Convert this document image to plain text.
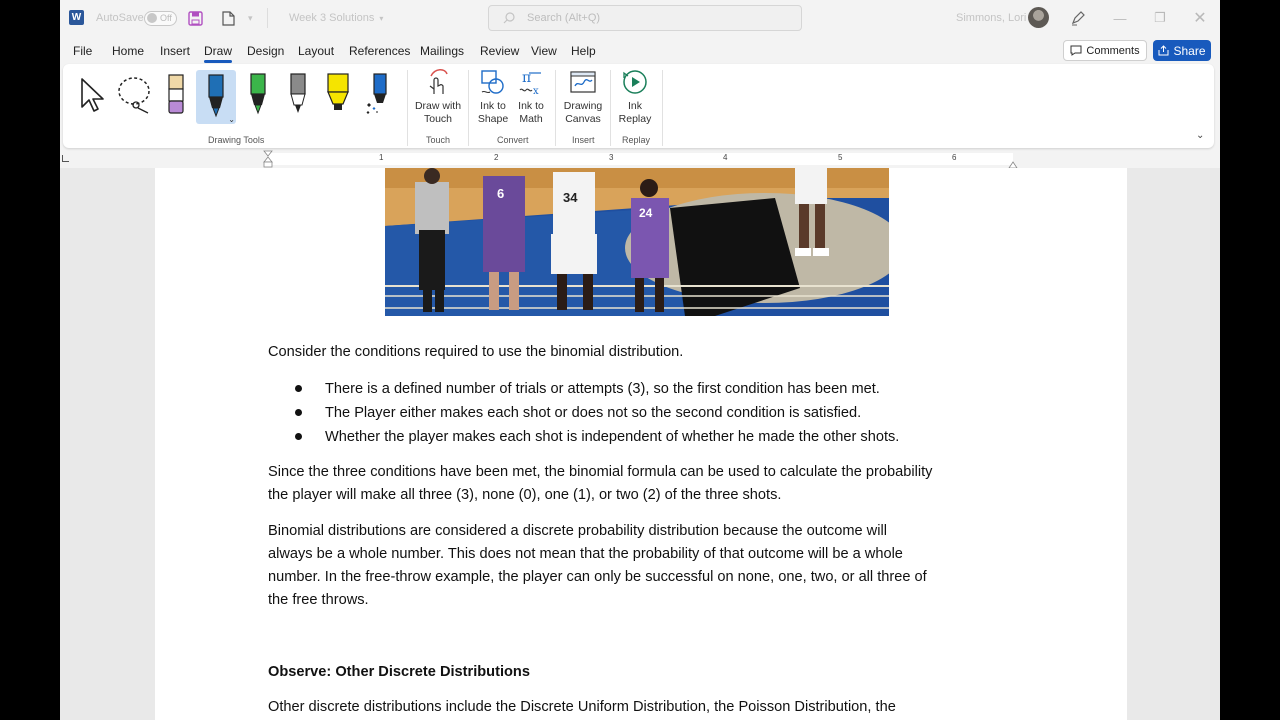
W AutoSave Off	▾	Week 3 Solutions ▾	Search (Alt+Q)	Simmons, Lori	—	❐	✕
File Home Insert Draw Design Layout References Mailings Review View Help	Comments	Share
⌄
Drawing Tools
Draw with
Touch
Touch
Ink to
Shape
π
x
Ink to
Math
Convert
Drawing
Canvas
Insert
Ink
Replay
Replay	⌄
1	2	3	4	5	6
6	34
24
Consider the conditions required to use the binomial distribution.
There is a defined number of trials or attempts (3), so the first condition has been met.
The Player either makes each shot or does not so the second condition is satisfied.
Whether the player makes each shot is independent of whether he made the other shots.
Since the three conditions have been met, the binomial formula can be used to calculate the probability
the player will make all three (3), none (0), one (1), or two (2) of the three shots.
Binomial distributions are considered a discrete probability distribution because the outcome will
always be a whole number. This does not mean that the probability of that outcome will be a whole
number. In the free-throw example, the player can only be successful on none, one, two, or all three of
the free throws.
Observe: Other Discrete Distributions
Other discrete distributions include the Discrete Uniform Distribution, the Poisson Distribution, the
